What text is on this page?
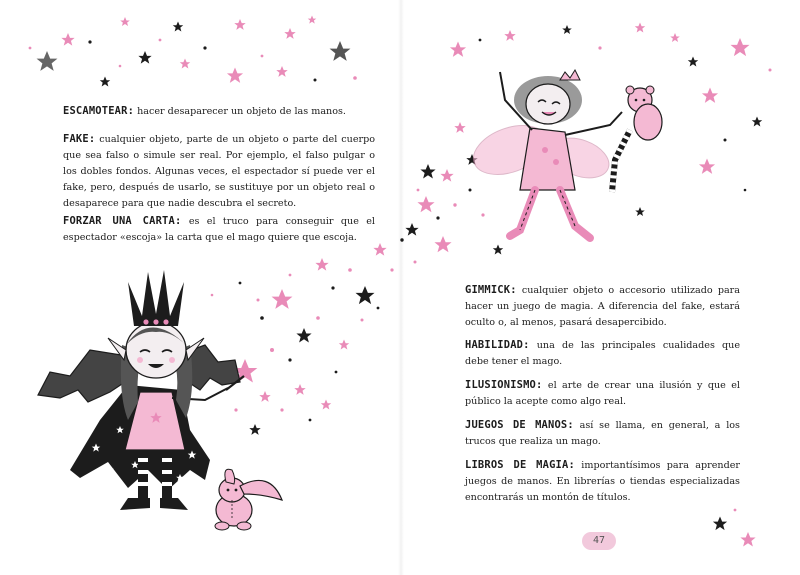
ESCAMOTEAR: hacer desaparecer un objeto de las manos.

FAKE: cualquier objeto, parte de un objeto o parte del cuerpo que sea falso o simule ser real. Por ejemplo, el falso pulgar o los dobles fondos. Algunas veces, el espectador sí puede ver el fake, pero, después de usarlo, se sustituye por un objeto real o desaparece para que nadie descubra el secreto.

FORZAR UNA CARTA: es el truco para conseguir que el espectador «escoja» la carta que el mago quiere que escoja.

GIMMICK: cualquier objeto o accesorio utilizado para hacer un juego de magia. A diferencia del fake, estará oculto o, al menos, pasará desapercibido.

HABILIDAD: una de las principales cualidades que debe tener el mago.

ILUSIONISMO: el arte de crear una ilusión y que el público la acepte como algo real.

JUEGOS DE MANOS: así se llama, en general, a los trucos que realiza un mago.

LIBROS DE MAGIA: importantísimos para aprender juegos de manos. En librerías o tiendas especializadas encontrarás un montón de títulos.

47
